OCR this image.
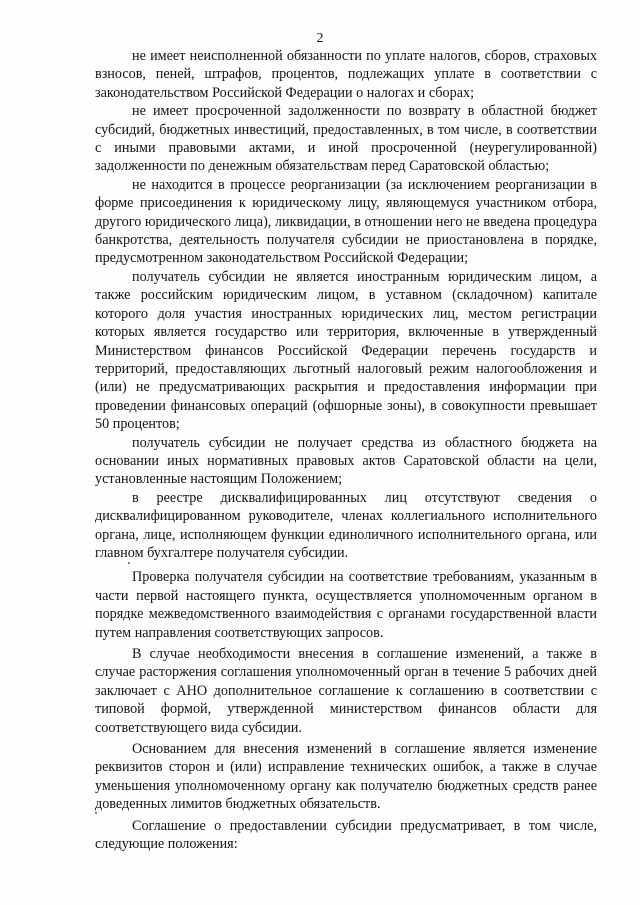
2

не имеет неисполненной обязанности по уплате налогов, сборов, страховых взносов, пеней, штрафов, процентов, подлежащих уплате в соответствии с законодательством Российской Федерации о налогах и сборах;

не имеет просроченной задолженности по возврату в областной бюджет субсидий, бюджетных инвестиций, предоставленных, в том числе, в соответствии с иными правовыми актами, и иной просроченной (неурегулированной) задолженности по денежным обязательствам перед Саратовской областью;

не находится в процессе реорганизации (за исключением реорганизации в форме присоединения к юридическому лицу, являющемуся участником отбора, другого юридического лица), ликвидации, в отношении него не введена процедура банкротства, деятельность получателя субсидии не приостановлена в порядке, предусмотренном законодательством Российской Федерации;

получатель субсидии не является иностранным юридическим лицом, а также российским юридическим лицом, в уставном (складочном) капитале которого доля участия иностранных юридических лиц, местом регистрации которых является государство или территория, включенные в утвержденный Министерством финансов Российской Федерации перечень государств и территорий, предоставляющих льготный налоговый режим налогообложения и (или) не предусматривающих раскрытия и предоставления информации при проведении финансовых операций (офшорные зоны), в совокупности превышает 50 процентов;

получатель субсидии не получает средства из областного бюджета на основании иных нормативных правовых актов Саратовской области на цели, установленные настоящим Положением;

в реестре дисквалифицированных лиц отсутствуют сведения о дисквалифицированном руководителе, членах коллегиального исполнительного органа, лице, исполняющем функции единоличного исполнительного органа, или главном бухгалтере получателя субсидии.

Проверка получателя субсидии на соответствие требованиям, указанным в части первой настоящего пункта, осуществляется уполномоченным органом в порядке межведомственного взаимодействия с органами государственной власти путем направления соответствующих запросов.

В случае необходимости внесения в соглашение изменений, а также в случае расторжения соглашения уполномоченный орган в течение 5 рабочих дней заключает с АНО дополнительное соглашение к соглашению в соответствии с типовой формой, утвержденной министерством финансов области для соответствующего вида субсидии.

Основанием для внесения изменений в соглашение является изменение реквизитов сторон и (или) исправление технических ошибок, а также в случае уменьшения уполномоченному органу как получателю бюджетных средств ранее доведенных лимитов бюджетных обязательств.

Соглашение о предоставлении субсидии предусматривает, в том числе, следующие положения:
